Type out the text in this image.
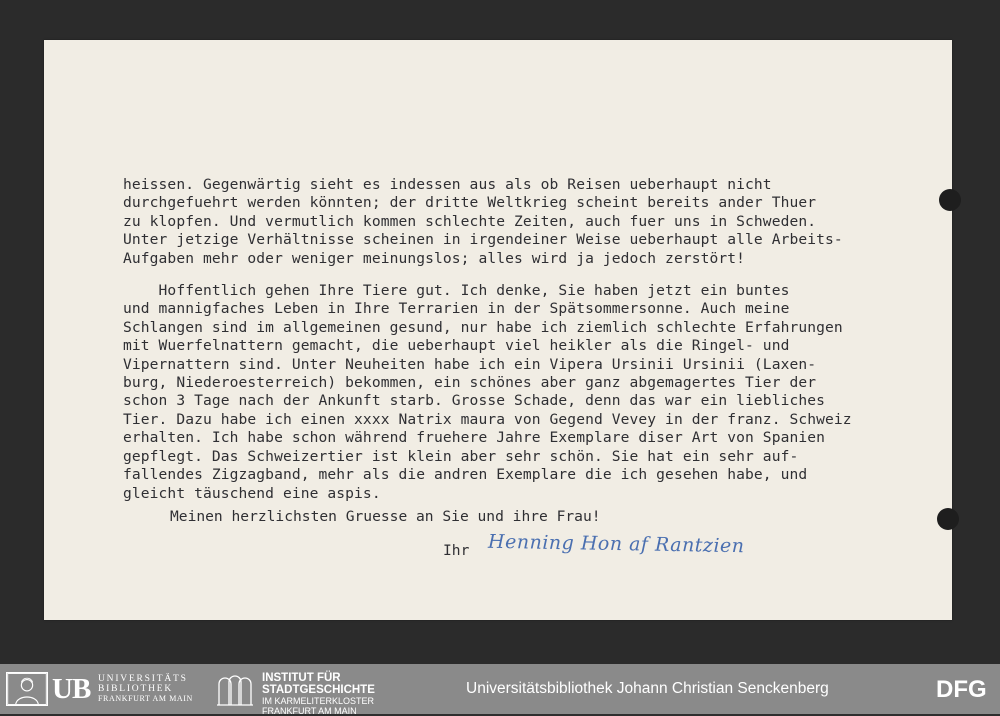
heissen. Gegenwärtig sieht es indessen aus als ob Reisen ueberhaupt nicht
durchgefuehrt werden könnten; der dritte Weltkrieg scheint bereits ander Thuer
zu klopfen. Und vermutlich kommen schlechte Zeiten, auch fuer uns in Schweden.
Unter jetzige Verhältnisse scheinen in irgendeiner Weise ueberhaupt alle Arbeits-
Aufgaben mehr oder weniger meinungslos; alles wird ja jedoch zerstört!
Hoffentlich gehen Ihre Tiere gut. Ich denke, Sie haben jetzt ein buntes
und mannigfaches Leben in Ihre Terrarien in der Spätsommersonne. Auch meine
Schlangen sind im allgemeinen gesund, nur habe ich ziemlich schlechte Erfahrungen
mit Wuerfelnattern gemacht, die ueberhaupt viel heikler als die Ringel- und
Vipernattern sind. Unter Neuheiten habe ich ein Vipera Ursinii Ursinii (Laxen-
burg, Niederoesterreich) bekommen, ein schönes aber ganz abgemagertes Tier der
schon 3 Tage nach der Ankunft starb. Grosse Schade, denn das war ein liebliches
Tier. Dazu habe ich einen xxxx Natrix maura von Gegend Vevey in der franz. Schweiz
erhalten. Ich habe schon während fruehere Jahre Exemplare diser Art von Spanien
gepflegt. Das Schweizertier ist klein aber sehr schön. Sie hat ein sehr auf-
fallendes Zigzagband, mehr als die andren Exemplare die ich gesehen habe, und
gleicht täuschend eine aspis.
Meinen herzlichsten Gruesse an Sie und ihre Frau!
Ihr Henning Hon af Rantzien
UB UNIVERSITÄTS
BIBLIOTHEK
FRANKFURT AM MAIN
INSTITUT FÜR
STADTGESCHICHTE
IM KARMELITERKLOSTER
FRANKFURT AM MAIN
Universitätsbibliothek Johann Christian Senckenberg	DFG
